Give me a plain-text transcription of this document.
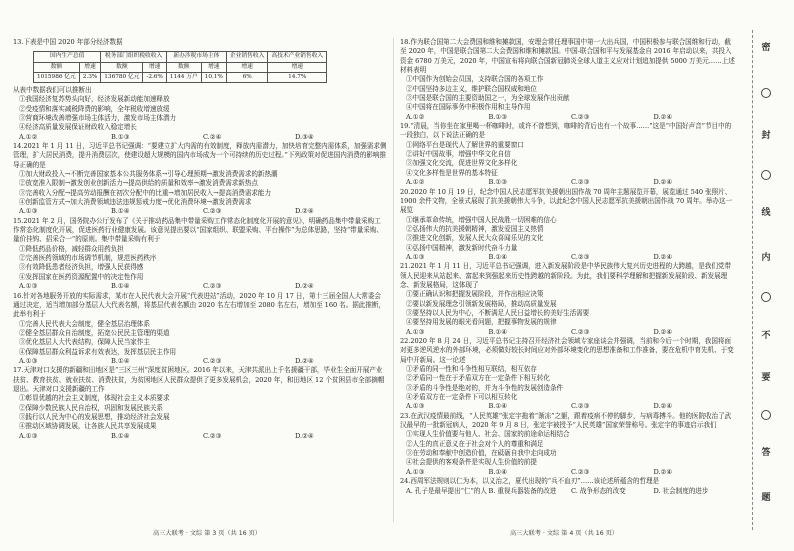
13.下表是中国 2020 年部分经济数据

国内生产总值		税务部门组织税收收入		新办涉税市场主体		企业销售收入	高技术产业销售收入
数额	增速	数额	增速	数额	增速	增速	增速
1015986 亿元	2.3%	136780 亿元	-2.6%	1144 万户	10.1%	6%	14.7%

从表中数据我们可以推断出

①我国经济复苏势头向好，经济发展新动能加速释放

②受疫情和落实减税降费的影响，全年税收增速放缓

③营商环境改善增强市场主体活力，激发市场主体潜力

④经济高质量发展保证财政收入稳定增长

A.①②	B.①③	C.②④	D.③④

14.2021 年 1 月 11 日，习近平总书记强调：“要建立扩大内需的有效制度，释放内需潜力，加快培育完整内需体系，加强需求侧管理，扩大居民消费，提升消费层次，使建设超大规模的国内市场成为一个可持续的历史过程。”下列政策对促进国内消费的影响推导正确的是

①加大财政投入→不断完善国家基本公共服务体系→引导心理预期→激发消费需求的新热潮

②放宽准入限制→激发创业创新活力→提高供给的质量和效率→激发消费需求新热点

③完善收入分配→提高劳动报酬在初次分配中的比重→增加居民收入→提高消费需求能力

④创新监管方式→加大消费领域违法违规惩戒力度→优化消费环境→激发消费需求

A.①③	B.①④	C.②③	D.②④

15.2021 年 2 月，国务院办公厅发布了《关于推动药品集中带量采购工作常态化制度化开展的意见》，明确药品集中带量采购工作常态化制度化开展，促进医药行业健康发展。该意见提出要以“国家组织、联盟采购、平台操作”为总体思路，坚持“带量采购、量价挂钩、招采合一”的原则。集中带量采购有利于

①降低药品价格，减轻群众用药负担

②完善医药领域的市场调节机制，规范医药秩序

③有效降低患者经济负担，增强人民获得感

④发挥国家在医药资源配置中的决定性作用

A.①③	B.①④	C.②③	D.②④

16.针对各地服务开放的实际需求，某市在人民代表大会开展“代表进站”活动，2020 年 10 月 17 日，第十三届全国人大常委会通过决定，适当增加部分基层人大代表名额，将基层代表名额由 2020 名左右增加至 2080 名左右，增加至 160 名。据此推断，此举有利于

①完善人民代表大会制度，健全基层治理体系

②健全基层群众自治制度，拓宽公民民主管理的渠道

③优化基层人大代表结构，保障人民当家作主

④保障基层群众利益诉求有效表达，发挥基层民主作用

A.①③	B.①④	C.②③	D.②④

17.天津对口支援的新疆和田地区是“三区三州”深度贫困地区。2016 年以来，天津共派出上千名援疆干部，毕业生全面开展产业扶贫、教育扶贫、就业扶贫、消费扶贫，为贫困地区人民群众提供了更多发展机会，2020 年，和田地区 12 个贫困县市全部摘帽退出。天津对口支援新疆的工作

①彰显优越的社会主义制度，体现社会主义本质要求

②保障少数民族人民自治权，巩固和发展民族关系

③践行以人民为中心的发展思想，推动经济社会发展

④推动区域协调发展，让各族人民共享发展成果

A.①③	B.①④	C.②③	D.②④

18.作为联合国第二大会费国和维和摊款国，安理会常任理事国中第一大出兵国，中国积极参与联合国维和行动，截至 2020 年，中国是联合国第二大会费国和维和摊款国。中国-联合国和平与发展基金自 2016 年启动以来，共投入资金 6780 万美元，2020 年，中国宣布将向联合国新冠肺炎全球人道主义应对计划追加提供 5000 万美元……上述材料表明

①中国作为创始会员国，支持联合国的各项工作

②中国坚持多边主义，维护联合国权威和地位

③中国是联合国的主要资助国之一，为全球发展作出贡献

④中国将在国际事务中积极作用和主导作用

A.①②	B.①③	C.②③	D.②④

19.“清晨，当你坐在家里喝一杯咖啡时，或许不曾想到，咖啡的背后也有一个故事……”这是“中国好声音”节目中的一段独白，以下说法正确的是

①网络平台是现代人了解世界的重要窗口

②讲好中国故事，增强中华文化自信

③加强文化交流，促进世界文化多样化

④文化多样性是世界的基本特征

A.①②	B.①③	C.②③	D.②④

20.2020 年 10 月 19 日，纪念中国人民志愿军抗美援朝出国作战 70 周年主题展览开幕，展览通过 540 张照片、1900 余件文物，全景式展现了抗美援朝伟大斗争，以此纪念中国人民志愿军抗美援朝出国作战 70 周年。举办这一展览

①继承革命传统，增强中国人民战胜一切困难的信心

②弘扬伟大的抗美援朝精神，激发爱国主义热情

③推进文化创新，发展人民大众喜闻乐见的文化

④弘扬中国精神，激发新时代奋斗力量

A.①③	B.①④	C.②③	D.②④

21.2021 年 1 月 11 日，习近平总书记强调，进入新发展阶段是中华民族伟大复兴历史进程的大跨越，是我们党带领人民迎来从站起来、富起来到强起来历史性跨越的新阶段。为此，我们要科学理解和把握新发展阶段、新发展理念、新发展格局，这体现了

①要正确认识和把握发展阶段，并作出相应决策

②要以新发展理念引领新发展格局，推动高质量发展

③要坚持以人民为中心，不断满足人民日益增长的美好生活需要

④要坚持用发展的眼光看问题，把握事物发展的规律

A.①③	B.①④	C.②③	D.②④

22.2020 年 8 月 24 日，习近平总书记主持召开经济社会领域专家座谈会并强调，当前和今后一个时期，我国将面对更多逆风逆水的外部环境，必须做好较长时间应对外部环境变化的思想准备和工作准备，要在危机中育先机、于变局中开新局。这一论述

①矛盾的同一性和斗争性相互联结，相互依存

②矛盾同一性在于矛盾双方在一定条件下相互转化

③矛盾的斗争性是绝对的，并为斗争性的发展创造条件

④矛盾双方在一定条件下可以相互转化

A.①③	B.①④	C.②③	D.②④

23.在武汉疫情最前线，“人民英雄”张定宇拖着“渐冻”之躯，跟着疫病不停的脚步，与病毒搏斗。他的医院收治了武汉最早的一批新冠病人，2020 年 9 月 8 日，张定宇被授予“人民英雄”国家荣誉称号。张定宇的事迹启示我们

①实现人生价值要与他人、社会、国家的前途命运相结合

②人生的真正意义在于社会对个人的尊重和满足

③在劳动和奉献中创造价值，在砥砺自我中走向成功

④社会提供的客观条件是实现人生价值的前提

A.①③	B.①④	C.②③	D.②④

24.西周军法规则以仁为本，以义治之，夏代出现的“兵不血刃”……该论述所蕴含的哲理是

A. 孔子是最早提出“仁”的人 B. 重视兵器装备的改进	C. 战争形态的改变	D. 社会制度的进步
高三大联考 · 文综 第 3 页（共 16 页）	高三大联考 · 文综 第 4 页（共 16 页）
密
封
线
内
不
要
答
题
